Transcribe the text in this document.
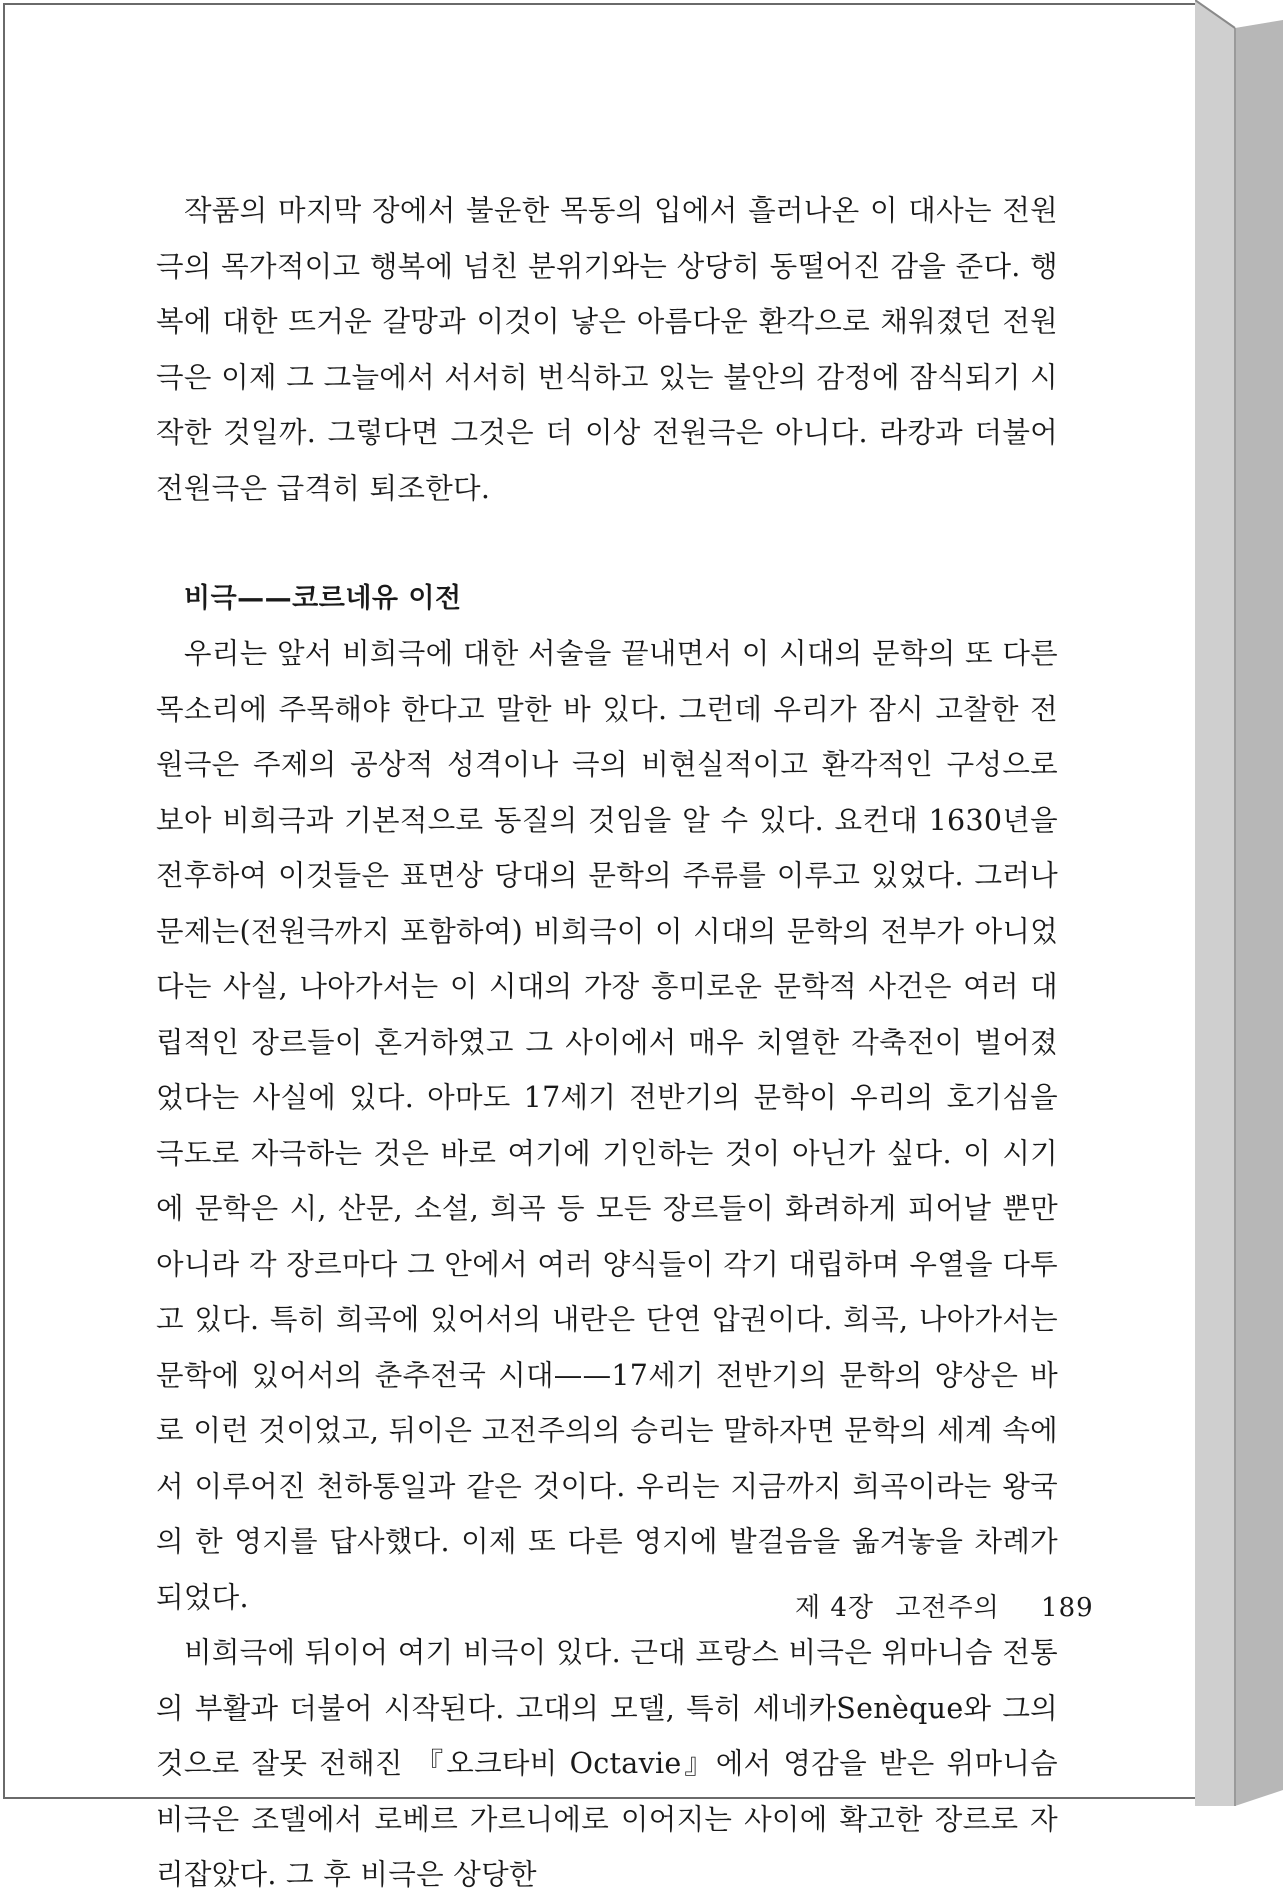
작품의 마지막 장에서 불운한 목동의 입에서 흘러나온 이 대사는 전원극의 목가적이고 행복에 넘친 분위기와는 상당히 동떨어진 감을 준다. 행복에 대한 뜨거운 갈망과 이것이 낳은 아름다운 환각으로 채워졌던 전원극은 이제 그 그늘에서 서서히 번식하고 있는 불안의 감정에 잠식되기 시작한 것일까. 그렇다면 그것은 더 이상 전원극은 아니다. 라캉과 더불어 전원극은 급격히 퇴조한다.

비극——코르네유 이전

우리는 앞서 비희극에 대한 서술을 끝내면서 이 시대의 문학의 또 다른 목소리에 주목해야 한다고 말한 바 있다. 그런데 우리가 잠시 고찰한 전원극은 주제의 공상적 성격이나 극의 비현실적이고 환각적인 구성으로 보아 비희극과 기본적으로 동질의 것임을 알 수 있다. 요컨대 1630년을 전후하여 이것들은 표면상 당대의 문학의 주류를 이루고 있었다. 그러나 문제는(전원극까지 포함하여) 비희극이 이 시대의 문학의 전부가 아니었다는 사실, 나아가서는 이 시대의 가장 흥미로운 문학적 사건은 여러 대립적인 장르들이 혼거하였고 그 사이에서 매우 치열한 각축전이 벌어졌었다는 사실에 있다. 아마도 17세기 전반기의 문학이 우리의 호기심을 극도로 자극하는 것은 바로 여기에 기인하는 것이 아닌가 싶다. 이 시기에 문학은 시, 산문, 소설, 희곡 등 모든 장르들이 화려하게 피어날 뿐만 아니라 각 장르마다 그 안에서 여러 양식들이 각기 대립하며 우열을 다투고 있다. 특히 희곡에 있어서의 내란은 단연 압권이다. 희곡, 나아가서는 문학에 있어서의 춘추전국 시대——17세기 전반기의 문학의 양상은 바로 이런 것이었고, 뒤이은 고전주의의 승리는 말하자면 문학의 세계 속에서 이루어진 천하통일과 같은 것이다. 우리는 지금까지 희곡이라는 왕국의 한 영지를 답사했다. 이제 또 다른 영지에 발걸음을 옮겨놓을 차례가 되었다.

비희극에 뒤이어 여기 비극이 있다. 근대 프랑스 비극은 위마니슴 전통의 부활과 더불어 시작된다. 고대의 모델, 특히 세네카Senèque와 그의 것으로 잘못 전해진 『오크타비 Octavie』에서 영감을 받은 위마니슴 비극은 조델에서 로베르 가르니에로 이어지는 사이에 확고한 장르로 자리잡았다. 그 후 비극은 상당한

제 4장 고전주의 189
